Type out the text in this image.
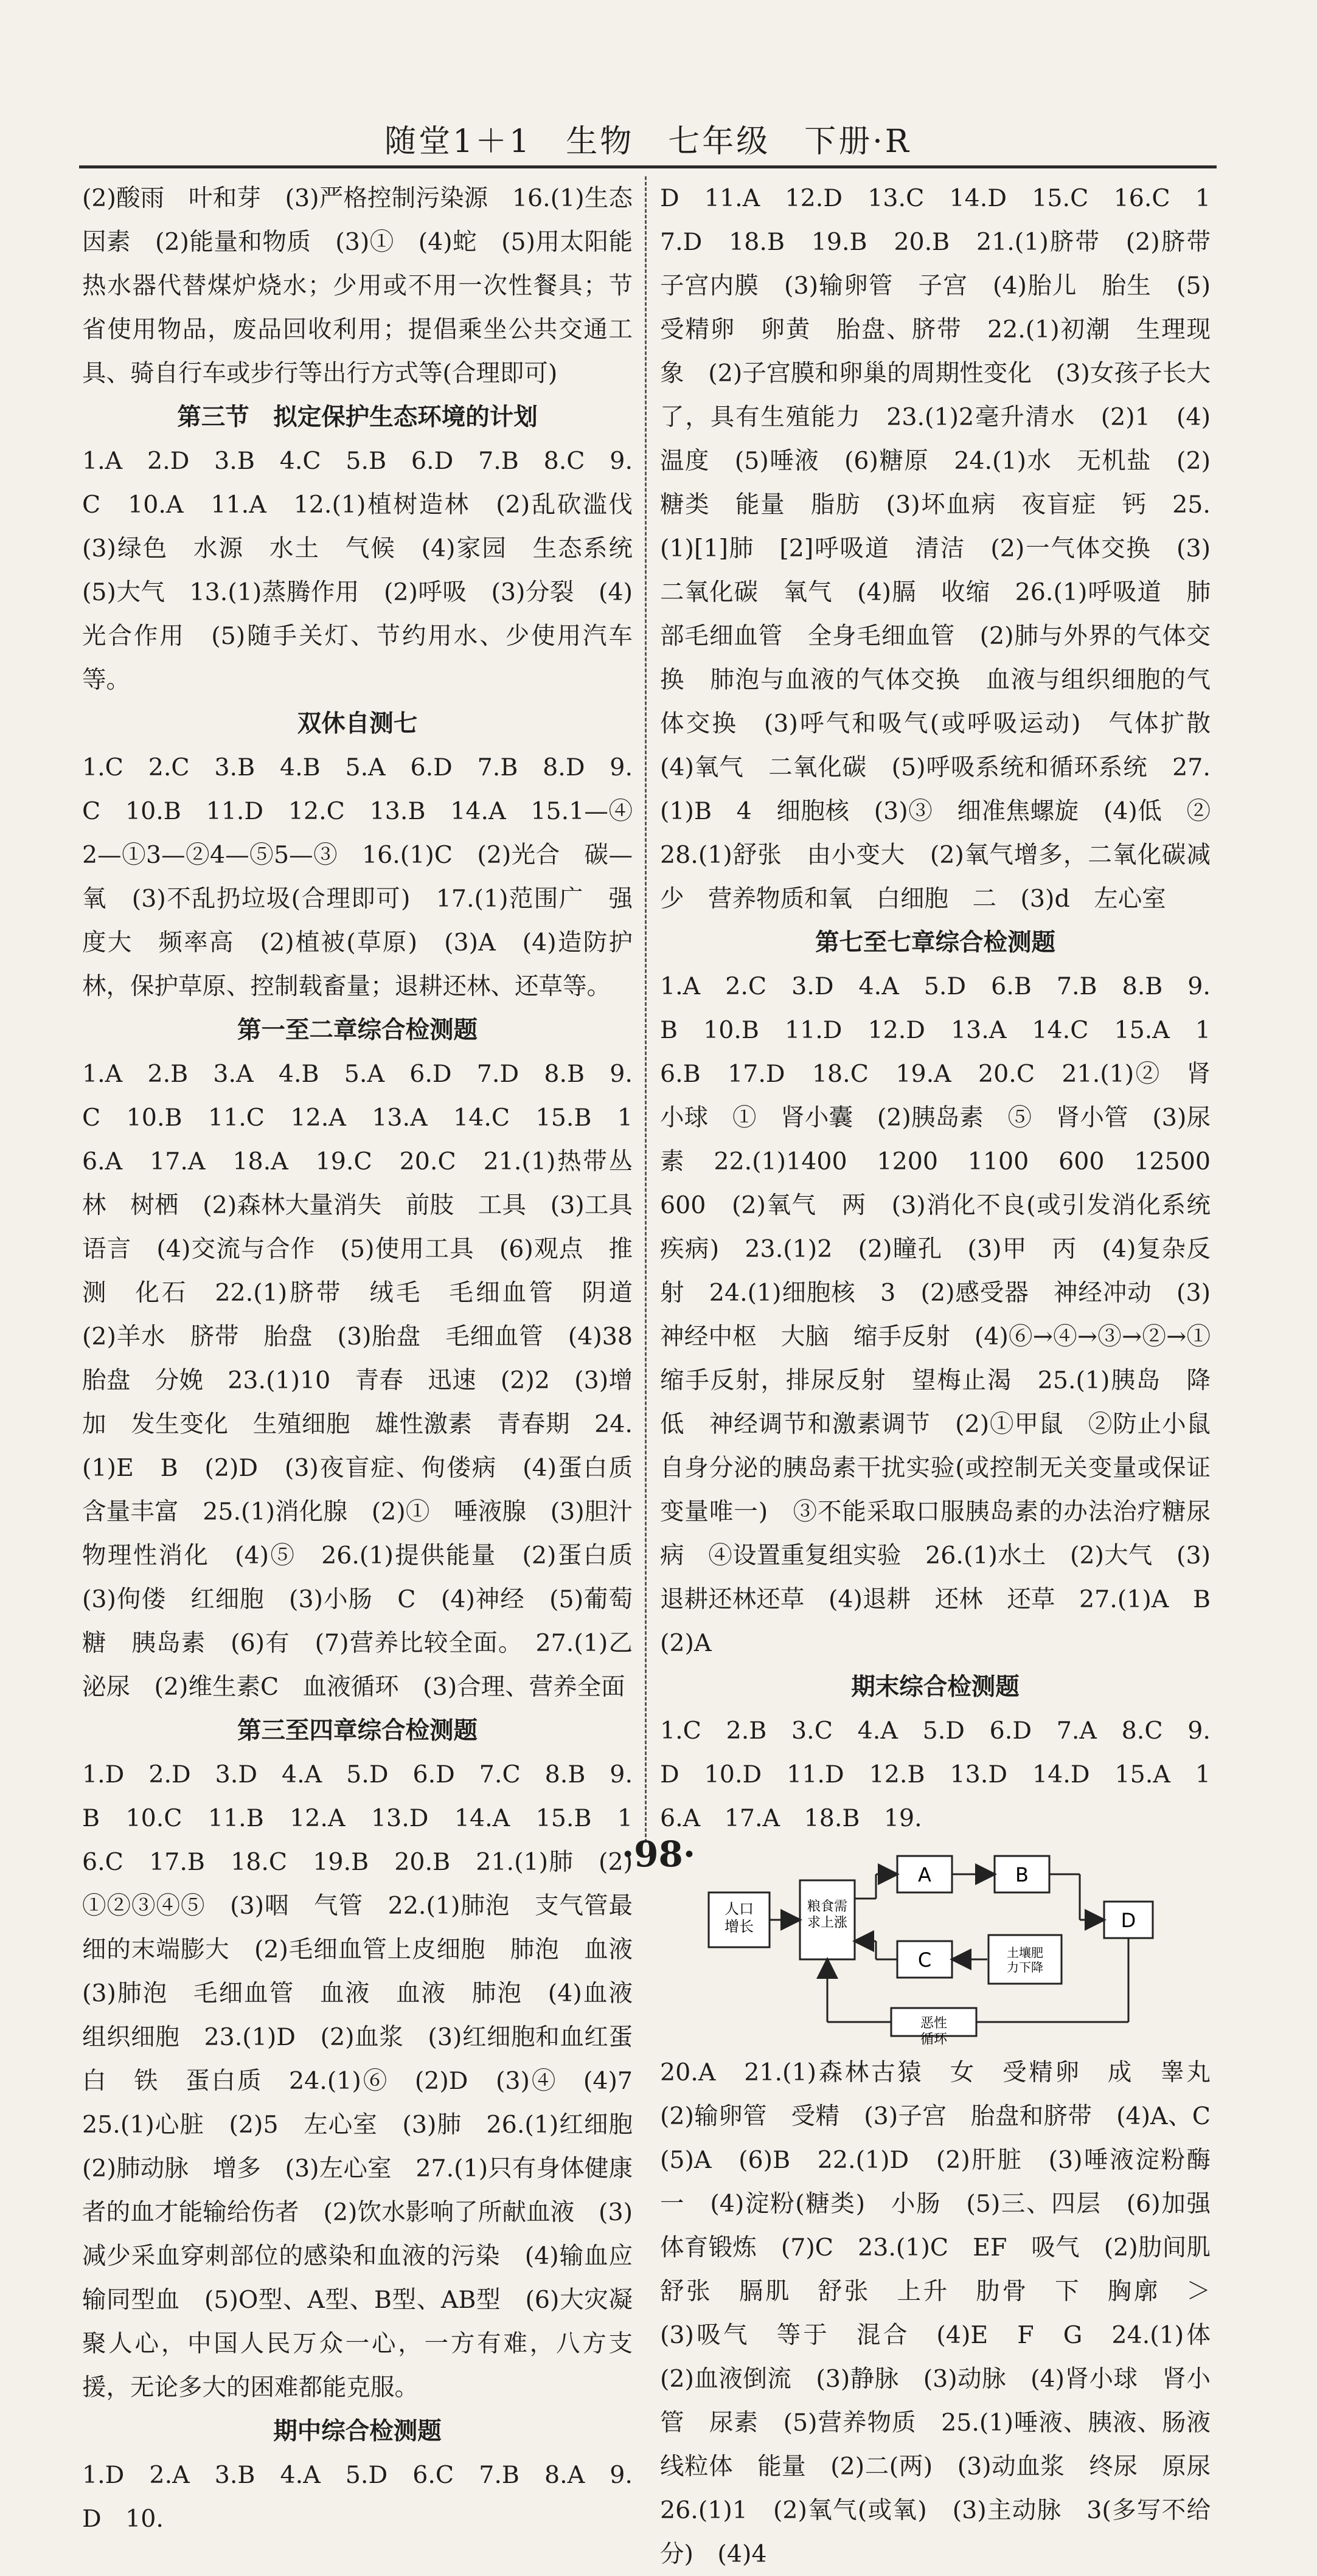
随堂1＋1　生物　七年级　下册·R

(2)酸雨　叶和芽　(3)严格控制污染源　16.(1)生态因素　(2)能量和物质　(3)①　(4)蛇　(5)用太阳能热水器代替煤炉烧水；少用或不用一次性餐具；节省使用物品，废品回收利用；提倡乘坐公共交通工具、骑自行车或步行等出行方式等(合理即可)

第三节　拟定保护生态环境的计划

1.A　2.D　3.B　4.C　5.B　6.D　7.B　8.C　9.C　10.A　11.A　12.(1)植树造林　(2)乱砍滥伐　(3)绿色　水源　水土　气候　(4)家园　生态系统　(5)大气　13.(1)蒸腾作用　(2)呼吸　(3)分裂　(4)光合作用　(5)随手关灯、节约用水、少使用汽车等。

双休自测七

1.C　2.C　3.B　4.B　5.A　6.D　7.B　8.D　9.C　10.B　11.D　12.C　13.B　14.A　15.1—④2—①3—②4—⑤5—③　16.(1)C　(2)光合　碳—氧　(3)不乱扔垃圾(合理即可)　17.(1)范围广　强度大　频率高　(2)植被(草原)　(3)A　(4)造防护林，保护草原、控制载畜量；退耕还林、还草等。

第一至二章综合检测题

1.A　2.B　3.A　4.B　5.A　6.D　7.D　8.B　9.C　10.B　11.C　12.A　13.A　14.C　15.B　16.A　17.A　18.A　19.C　20.C　21.(1)热带丛林　树栖　(2)森林大量消失　前肢　工具　(3)工具　语言　(4)交流与合作　(5)使用工具　(6)观点　推测　化石　22.(1)脐带　绒毛　毛细血管　阴道　(2)羊水　脐带　胎盘　(3)胎盘　毛细血管　(4)38　胎盘　分娩　23.(1)10　青春　迅速　(2)2　(3)增加　发生变化　生殖细胞　雄性激素　青春期　24.(1)E　B　(2)D　(3)夜盲症、佝偻病　(4)蛋白质含量丰富　25.(1)消化腺　(2)①　唾液腺　(3)胆汁　物理性消化　(4)⑤　26.(1)提供能量　(2)蛋白质　(3)佝偻　红细胞　(3)小肠　C　(4)神经　(5)葡萄糖　胰岛素　(6)有　(7)营养比较全面。　27.(1)乙　泌尿　(2)维生素C　血液循环　(3)合理、营养全面

第三至四章综合检测题

1.D　2.D　3.D　4.A　5.D　6.D　7.C　8.B　9.B　10.C　11.B　12.A　13.D　14.A　15.B　16.C　17.B　18.C　19.B　20.B　21.(1)肺　(2)①②③④⑤　(3)咽　气管　22.(1)肺泡　支气管最细的末端膨大　(2)毛细血管上皮细胞　肺泡　血液　(3)肺泡　毛细血管　血液　血液　肺泡　(4)血液　组织细胞　23.(1)D　(2)血浆　(3)红细胞和血红蛋白　铁　蛋白质　24.(1)⑥　(2)D　(3)④　(4)7　25.(1)心脏　(2)5　左心室　(3)肺　26.(1)红细胞　(2)肺动脉　增多　(3)左心室　27.(1)只有身体健康者的血才能输给伤者　(2)饮水影响了所献血液　(3)减少采血穿刺部位的感染和血液的污染　(4)输血应输同型血　(5)O型、A型、B型、AB型　(6)大灾凝聚人心，中国人民万众一心，一方有难，八方支援，无论多大的困难都能克服。

期中综合检测题

1.D　2.A　3.B　4.A　5.D　6.C　7.B　8.A　9.D　10.

D　11.A　12.D　13.C　14.D　15.C　16.C　17.D　18.B　19.B　20.B　21.(1)脐带　(2)脐带　子宫内膜　(3)输卵管　子宫　(4)胎儿　胎生　(5)受精卵　卵黄　胎盘、脐带　22.(1)初潮　生理现象　(2)子宫膜和卵巢的周期性变化　(3)女孩子长大了，具有生殖能力　23.(1)2毫升清水　(2)1　(4)温度　(5)唾液　(6)糖原　24.(1)水　无机盐　(2)糖类　能量　脂肪　(3)坏血病　夜盲症　钙　25.(1)[1]肺　[2]呼吸道　清洁　(2)一气体交换　(3)二氧化碳　氧气　(4)膈　收缩　26.(1)呼吸道　肺部毛细血管　全身毛细血管　(2)肺与外界的气体交换　肺泡与血液的气体交换　血液与组织细胞的气体交换　(3)呼气和吸气(或呼吸运动)　气体扩散　(4)氧气　二氧化碳　(5)呼吸系统和循环系统　27.(1)B　4　细胞核　(3)③　细准焦螺旋　(4)低　②　28.(1)舒张　由小变大　(2)氧气增多，二氧化碳减少　营养物质和氧　白细胞　二　(3)d　左心室

第七至七章综合检测题

1.A　2.C　3.D　4.A　5.D　6.B　7.B　8.B　9.B　10.B　11.D　12.D　13.A　14.C　15.A　16.B　17.D　18.C　19.A　20.C　21.(1)②　肾小球　①　肾小囊　(2)胰岛素　⑤　肾小管　(3)尿素　22.(1)1400　1200　1100　600　12500　600　(2)氧气　两　(3)消化不良(或引发消化系统疾病)　23.(1)2　(2)瞳孔　(3)甲　丙　(4)复杂反射　24.(1)细胞核　3　(2)感受器　神经冲动　(3)神经中枢　大脑　缩手反射　(4)⑥→④→③→②→①　缩手反射，排尿反射　望梅止渴　25.(1)胰岛　降低　神经调节和激素调节　(2)①甲鼠　②防止小鼠自身分泌的胰岛素干扰实验(或控制无关变量或保证变量唯一)　③不能采取口服胰岛素的办法治疗糖尿病　④设置重复组实验　26.(1)水土　(2)大气　(3)退耕还林还草　(4)退耕　还林　还草　27.(1)A　B　(2)A

期末综合检测题

1.C　2.B　3.C　4.A　5.D　6.D　7.A　8.C　9.D　10.D　11.D　12.B　13.D　14.D　15.A　16.A　17.A　18.B　19.

人口增长
粮食需求上涨
A	B
C	土壤肥力下降
D
恶性循环

20.A　21.(1)森林古猿　女　受精卵　成　睾丸　(2)输卵管　受精　(3)子宫　胎盘和脐带　(4)A、C　(5)A　(6)B　22.(1)D　(2)肝脏　(3)唾液淀粉酶　一　(4)淀粉(糖类)　小肠　(5)三、四层　(6)加强体育锻炼　(7)C　23.(1)C　EF　吸气　(2)肋间肌　舒张　膈肌　舒张　上升　肋骨　下　胸廓　＞　(3)吸气　等于　混合　(4)E　F　G　24.(1)体　(2)血液倒流　(3)静脉　(3)动脉　(4)肾小球　肾小管　尿素　(5)营养物质　25.(1)唾液、胰液、肠液　线粒体　能量　(2)二(两)　(3)动血浆　终尿　原尿　26.(1)1　(2)氧气(或氧)　(3)主动脉　3(多写不给分)　(4)4

·98·
